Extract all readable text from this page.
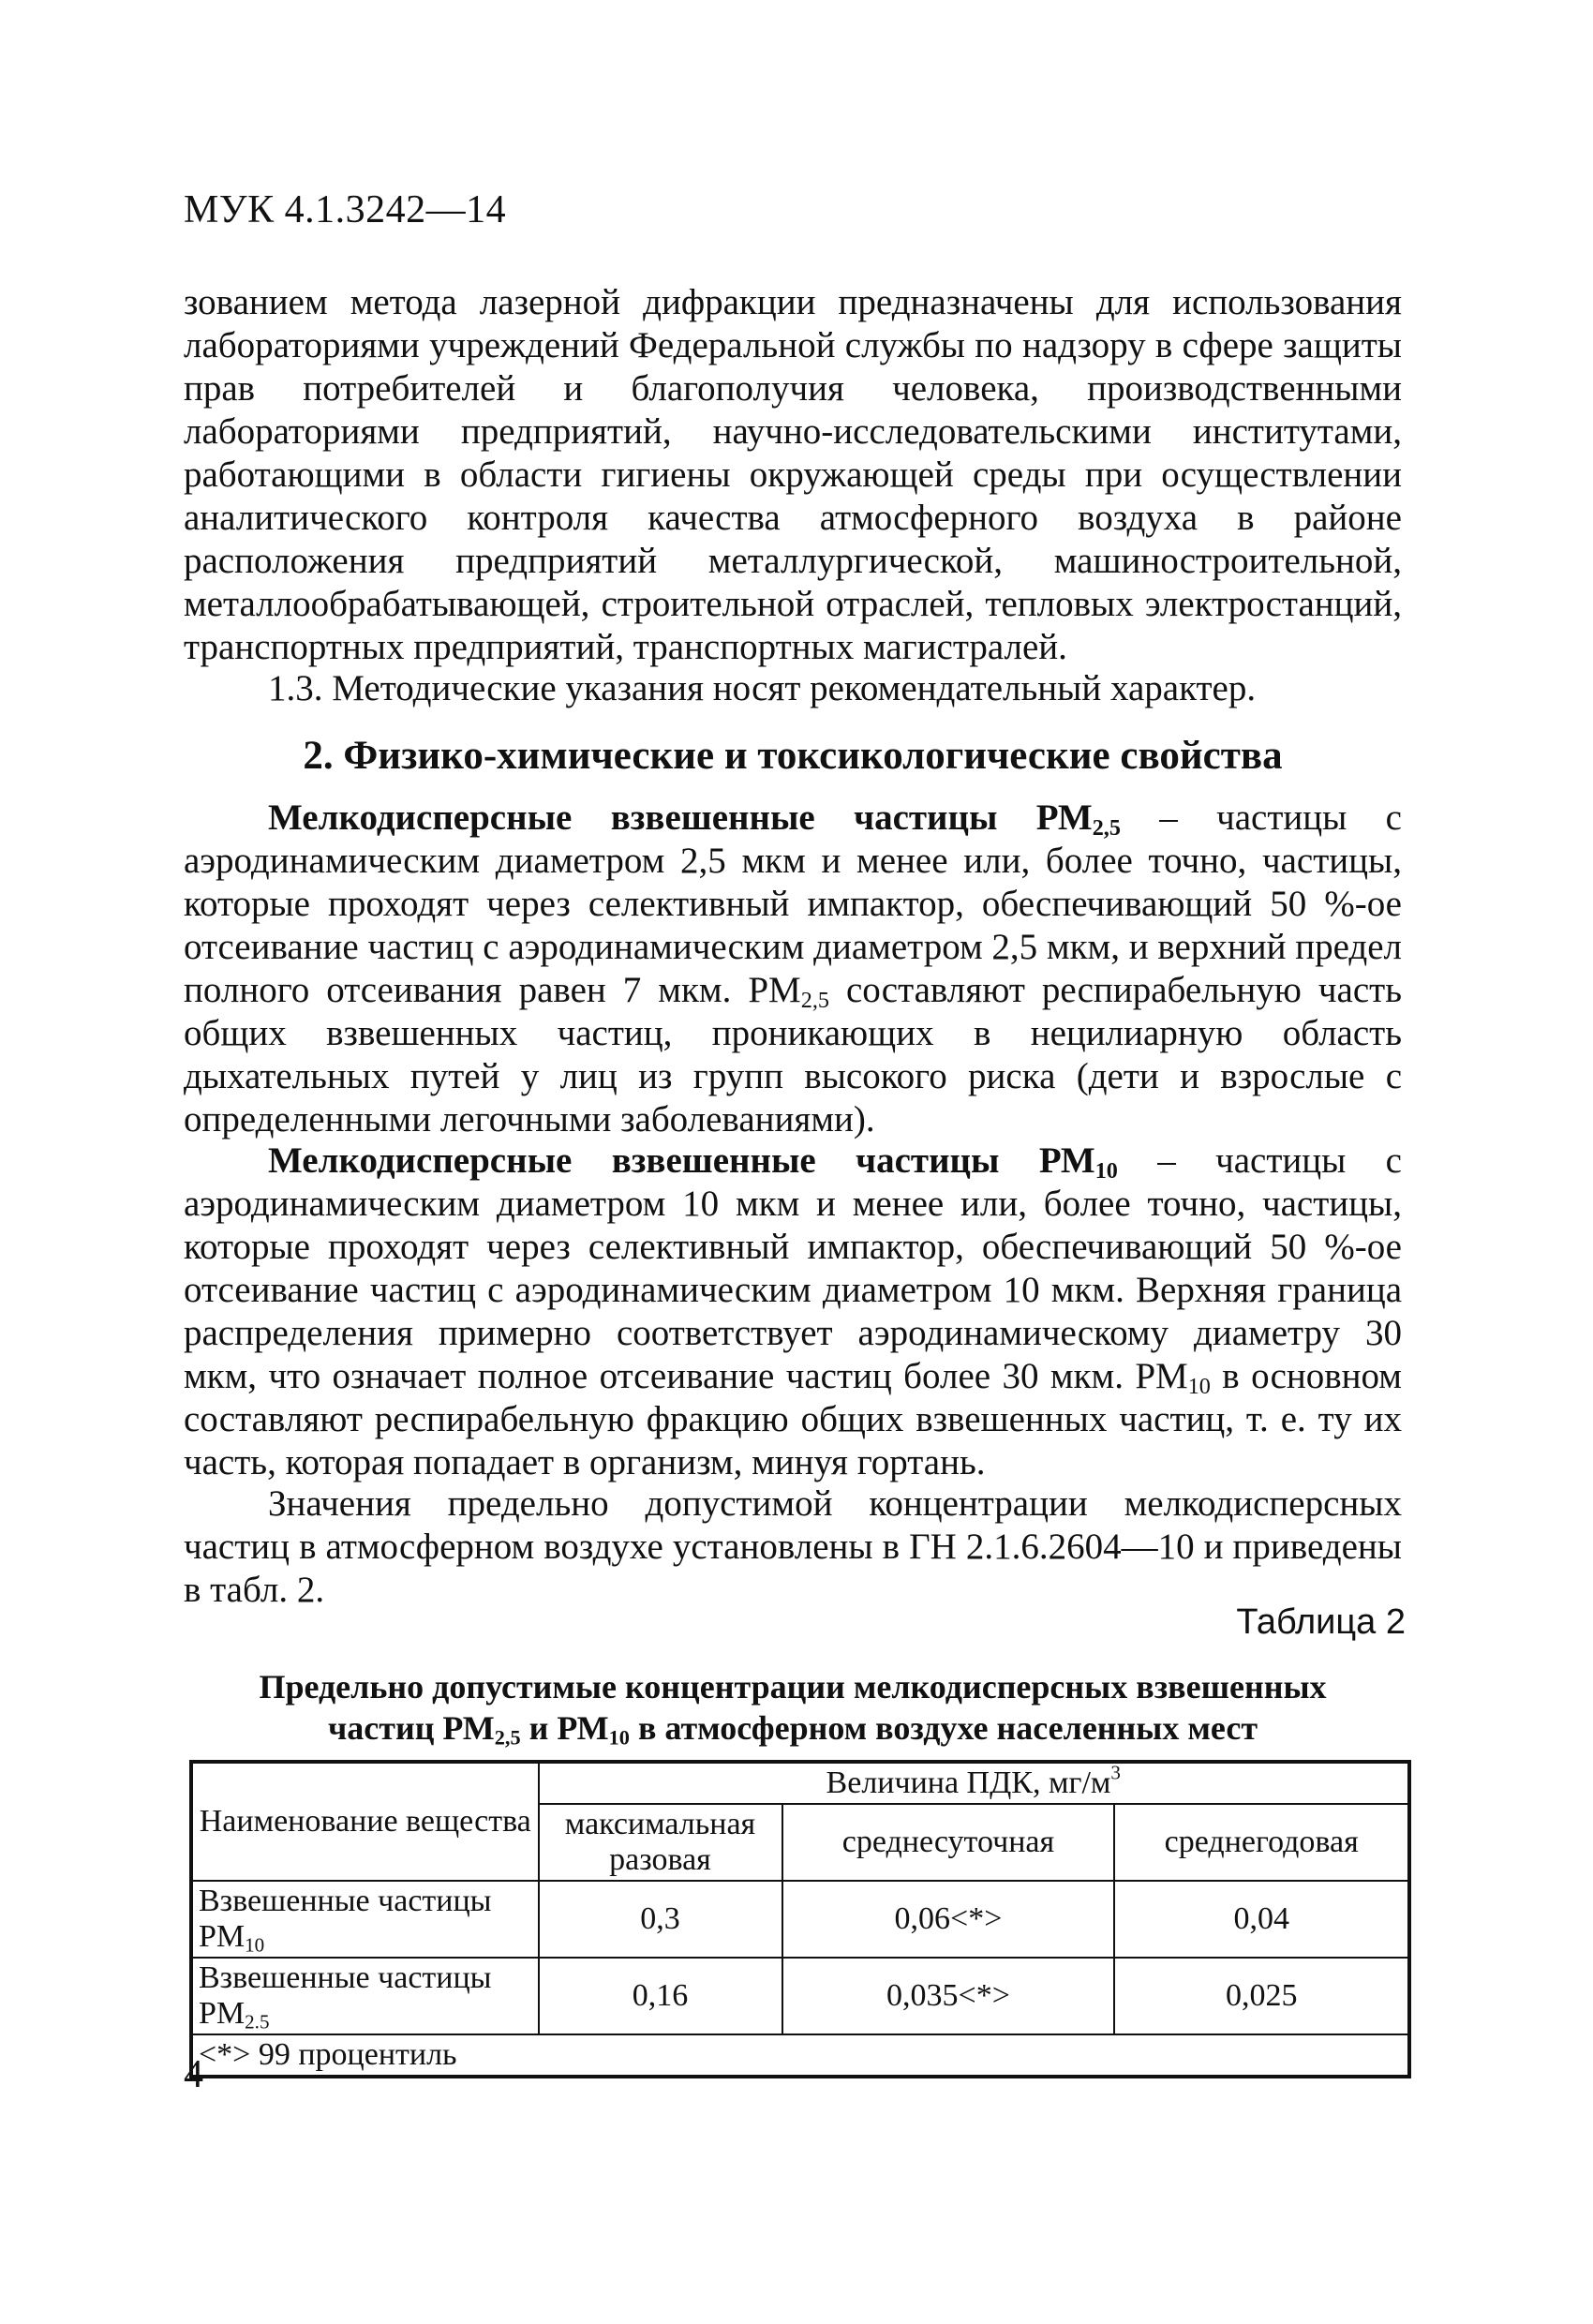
МУК 4.1.3242—14
зованием метода лазерной дифракции предназначены для использования лабораториями учреждений Федеральной службы по надзору в сфере защиты прав потребителей и благополучия человека, производственными лабораториями предприятий, научно-исследовательскими институтами, работающими в области гигиены окружающей среды при осуществлении аналитического контроля качества атмосферного воздуха в районе расположения предприятий металлургической, машиностроительной, металлообрабатывающей, строительной отраслей, тепловых электростанций, транспортных предприятий, транспортных магистралей.
1.3. Методические указания носят рекомендательный характер.
2. Физико-химические и токсикологические свойства
Мелкодисперсные взвешенные частицы $РМ_{2,5}$ – частицы с аэродинамическим диаметром 2,5 мкм и менее или, более точно, частицы, которые проходят через селективный импактор, обеспечивающий 50 %-ое отсеивание частиц с аэродинамическим диаметром 2,5 мкм, и верхний предел полного отсеивания равен 7 мкм. $РМ_{2,5}$ составляют респирабельную часть общих взвешенных частиц, проникающих в нецилиарную область дыхательных путей у лиц из групп высокого риска (дети и взрослые с определенными легочными заболеваниями).
Мелкодисперсные взвешенные частицы $РМ_{10}$ – частицы с аэродинамическим диаметром 10 мкм и менее или, более точно, частицы, которые проходят через селективный импактор, обеспечивающий 50 %-ое отсеивание частиц с аэродинамическим диаметром 10 мкм. Верхняя граница распределения примерно соответствует аэродинамическому диаметру 30 мкм, что означает полное отсеивание частиц более 30 мкм. $РМ_{10}$ в основном составляют респирабельную фракцию общих взвешенных частиц, т. е. ту их часть, которая попадает в организм, минуя гортань.
Значения предельно допустимой концентрации мелкодисперсных частиц в атмосферном воздухе установлены в ГН 2.1.6.2604—10 и приведены в табл. 2.
Таблица 2
Предельно допустимые концентрации мелкодисперсных взвешенных
частиц $РМ_{2,5}$ и $РМ_{10}$ в атмосферном воздухе населенных мест
Наименование вещества	Величина ПДК, $мг/м^3$
	максимальная разовая	среднесуточная	среднегодовая
Взвешенные частицы $РМ_{10}$	0,3	0,06<*>	0,04
Взвешенные частицы $РМ_{2.5}$	0,16	0,035<*>	0,025
<*> 99 процентиль			
4
